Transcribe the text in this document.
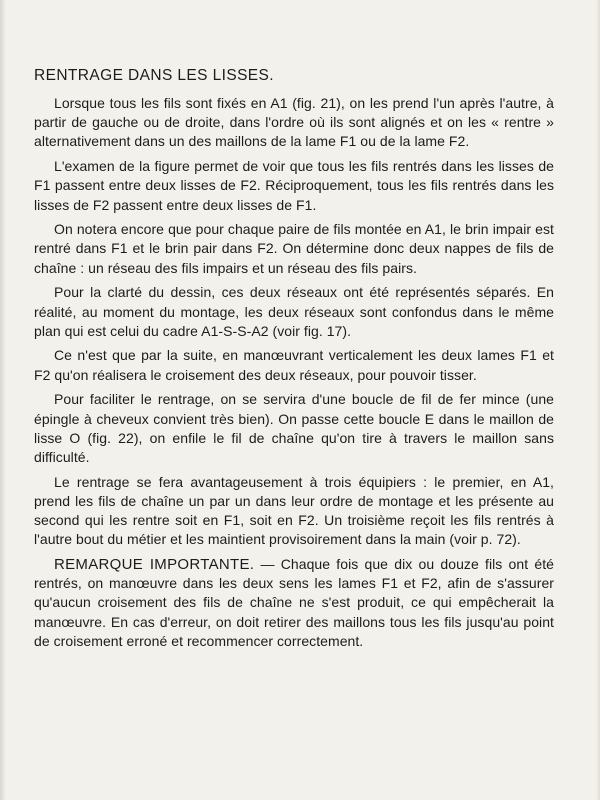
RENTRAGE DANS LES LISSES.

Lorsque tous les fils sont fixés en A1 (fig. 21), on les prend l'un après l'autre, à partir de gauche ou de droite, dans l'ordre où ils sont alignés et on les « rentre » alternativement dans un des maillons de la lame F1 ou de la lame F2.

L'examen de la figure permet de voir que tous les fils rentrés dans les lisses de F1 passent entre deux lisses de F2. Réciproquement, tous les fils rentrés dans les lisses de F2 passent entre deux lisses de F1.

On notera encore que pour chaque paire de fils montée en A1, le brin impair est rentré dans F1 et le brin pair dans F2. On détermine donc deux nappes de fils de chaîne : un réseau des fils impairs et un réseau des fils pairs.

Pour la clarté du dessin, ces deux réseaux ont été représentés séparés. En réalité, au moment du montage, les deux réseaux sont confondus dans le même plan qui est celui du cadre A1-S-S-A2 (voir fig. 17).

Ce n'est que par la suite, en manœuvrant verticalement les deux lames F1 et F2 qu'on réalisera le croisement des deux réseaux, pour pouvoir tisser.

Pour faciliter le rentrage, on se servira d'une boucle de fil de fer mince (une épingle à cheveux convient très bien). On passe cette boucle E dans le maillon de lisse O (fig. 22), on enfile le fil de chaîne qu'on tire à travers le maillon sans difficulté.

Le rentrage se fera avantageusement à trois équipiers : le premier, en A1, prend les fils de chaîne un par un dans leur ordre de montage et les présente au second qui les rentre soit en F1, soit en F2. Un troisième reçoit les fils rentrés à l'autre bout du métier et les maintient provisoirement dans la main (voir p. 72).

REMARQUE IMPORTANTE. — Chaque fois que dix ou douze fils ont été rentrés, on manœuvre dans les deux sens les lames F1 et F2, afin de s'assurer qu'aucun croisement des fils de chaîne ne s'est produit, ce qui empêcherait la manœuvre. En cas d'erreur, on doit retirer des maillons tous les fils jusqu'au point de croisement erroné et recommencer correctement.
